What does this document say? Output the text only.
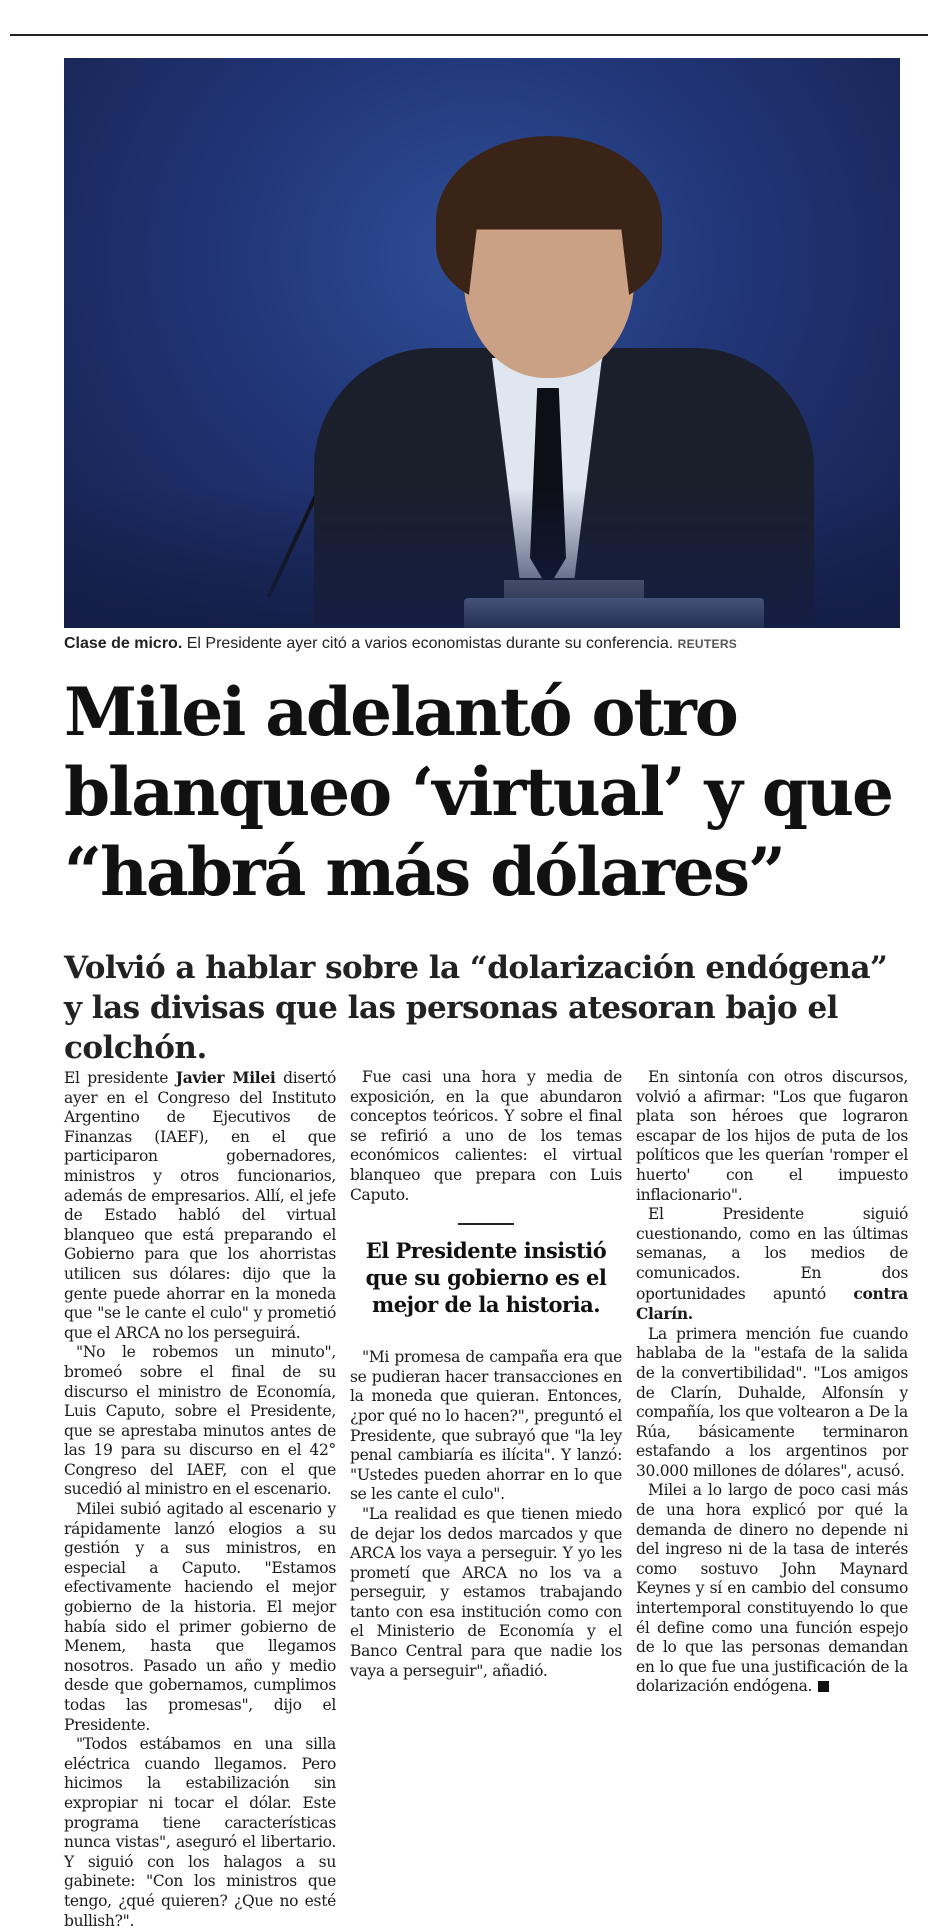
Clase de micro. El Presidente ayer citó a varios economistas durante su conferencia. REUTERS
Milei adelantó otro blanqueo ‘virtual’ y que “habrá más dólares”
Volvió a hablar sobre la “dolarización endógena” y las divisas que las personas atesoran bajo el colchón.

El presidente Javier Milei disertó ayer en el Congreso del Instituto Argentino de Ejecutivos de Finanzas (IAEF), en el que participaron gobernadores, ministros y otros funcionarios, además de empresarios. Allí, el jefe de Estado habló del virtual blanqueo que está preparando el Gobierno para que los ahorristas utilicen sus dólares: dijo que la gente puede ahorrar en la moneda que "se le cante el culo" y prometió que el ARCA no los perseguirá.

"No le robemos un minuto", bromeó sobre el final de su discurso el ministro de Economía, Luis Caputo, sobre el Presidente, que se aprestaba minutos antes de las 19 para su discurso en el 42° Congreso del IAEF, con el que sucedió al ministro en el escenario.

Milei subió agitado al escenario y rápidamente lanzó elogios a su gestión y a sus ministros, en especial a Caputo. "Estamos efectivamente haciendo el mejor gobierno de la historia. El mejor había sido el primer gobierno de Menem, hasta que llegamos nosotros. Pasado un año y medio desde que gobernamos, cumplimos todas las promesas", dijo el Presidente.

"Todos estábamos en una silla eléctrica cuando llegamos. Pero hicimos la estabilización sin expropiar ni tocar el dólar. Este programa tiene características nunca vistas", aseguró el libertario. Y siguió con los halagos a su gabinete: "Con los ministros que tengo, ¿qué quieren? ¿Que no esté bullish?".

Fue casi una hora y media de exposición, en la que abundaron conceptos teóricos. Y sobre el final se refirió a uno de los temas económicos calientes: el virtual blanqueo que prepara con Luis Caputo.

El Presidente insistió que su gobierno es el mejor de la historia.

"Mi promesa de campaña era que se pudieran hacer transacciones en la moneda que quieran. Entonces, ¿por qué no lo hacen?", preguntó el Presidente, que subrayó que "la ley penal cambiaría es ilícita". Y lanzó: "Ustedes pueden ahorrar en lo que se les cante el culo".

"La realidad es que tienen miedo de dejar los dedos marcados y que ARCA los vaya a perseguir. Y yo les prometí que ARCA no los va a perseguir, y estamos trabajando tanto con esa institución como con el Ministerio de Economía y el Banco Central para que nadie los vaya a perseguir", añadió.

En sintonía con otros discursos, volvió a afirmar: "Los que fugaron plata son héroes que lograron escapar de los hijos de puta de los políticos que les querían 'romper el huerto' con el impuesto inflacionario".

El Presidente siguió cuestionando, como en las últimas semanas, a los medios de comunicados. En dos oportunidades apuntó contra Clarín.

La primera mención fue cuando hablaba de la "estafa de la salida de la convertibilidad". "Los amigos de Clarín, Duhalde, Alfonsín y compañía, los que voltearon a De la Rúa, básicamente terminaron estafando a los argentinos por 30.000 millones de dólares", acusó.

Milei a lo largo de poco casi más de una hora explicó por qué la demanda de dinero no depende ni del ingreso ni de la tasa de interés como sostuvo John Maynard Keynes y sí en cambio del consumo intertemporal constituyendo lo que él define como una función espejo de lo que las personas demandan en lo que fue una justificación de la dolarización endógena.
